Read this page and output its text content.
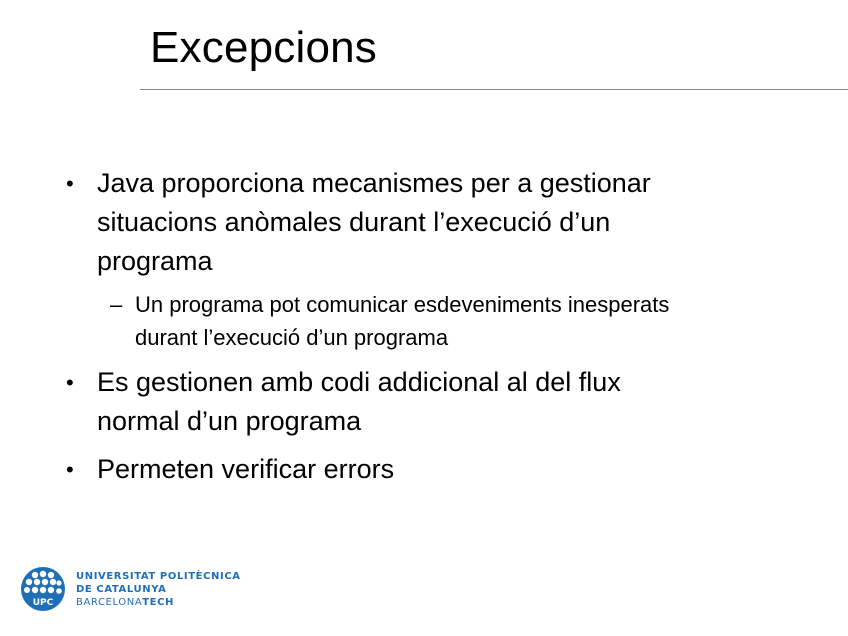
Excepcions
• Java proporciona mecanismes per a gestionar
situacions anòmales durant l’execució d’un
programa
– Un programa pot comunicar esdeveniments inesperats
durant l’execució d’un programa
• Es gestionen amb codi addicional al del flux
normal d’un programa
• Permeten verificar errors
UPC
UNIVERSITAT POLITÈCNICA
DE CATALUNYA
BARCELONATECH
